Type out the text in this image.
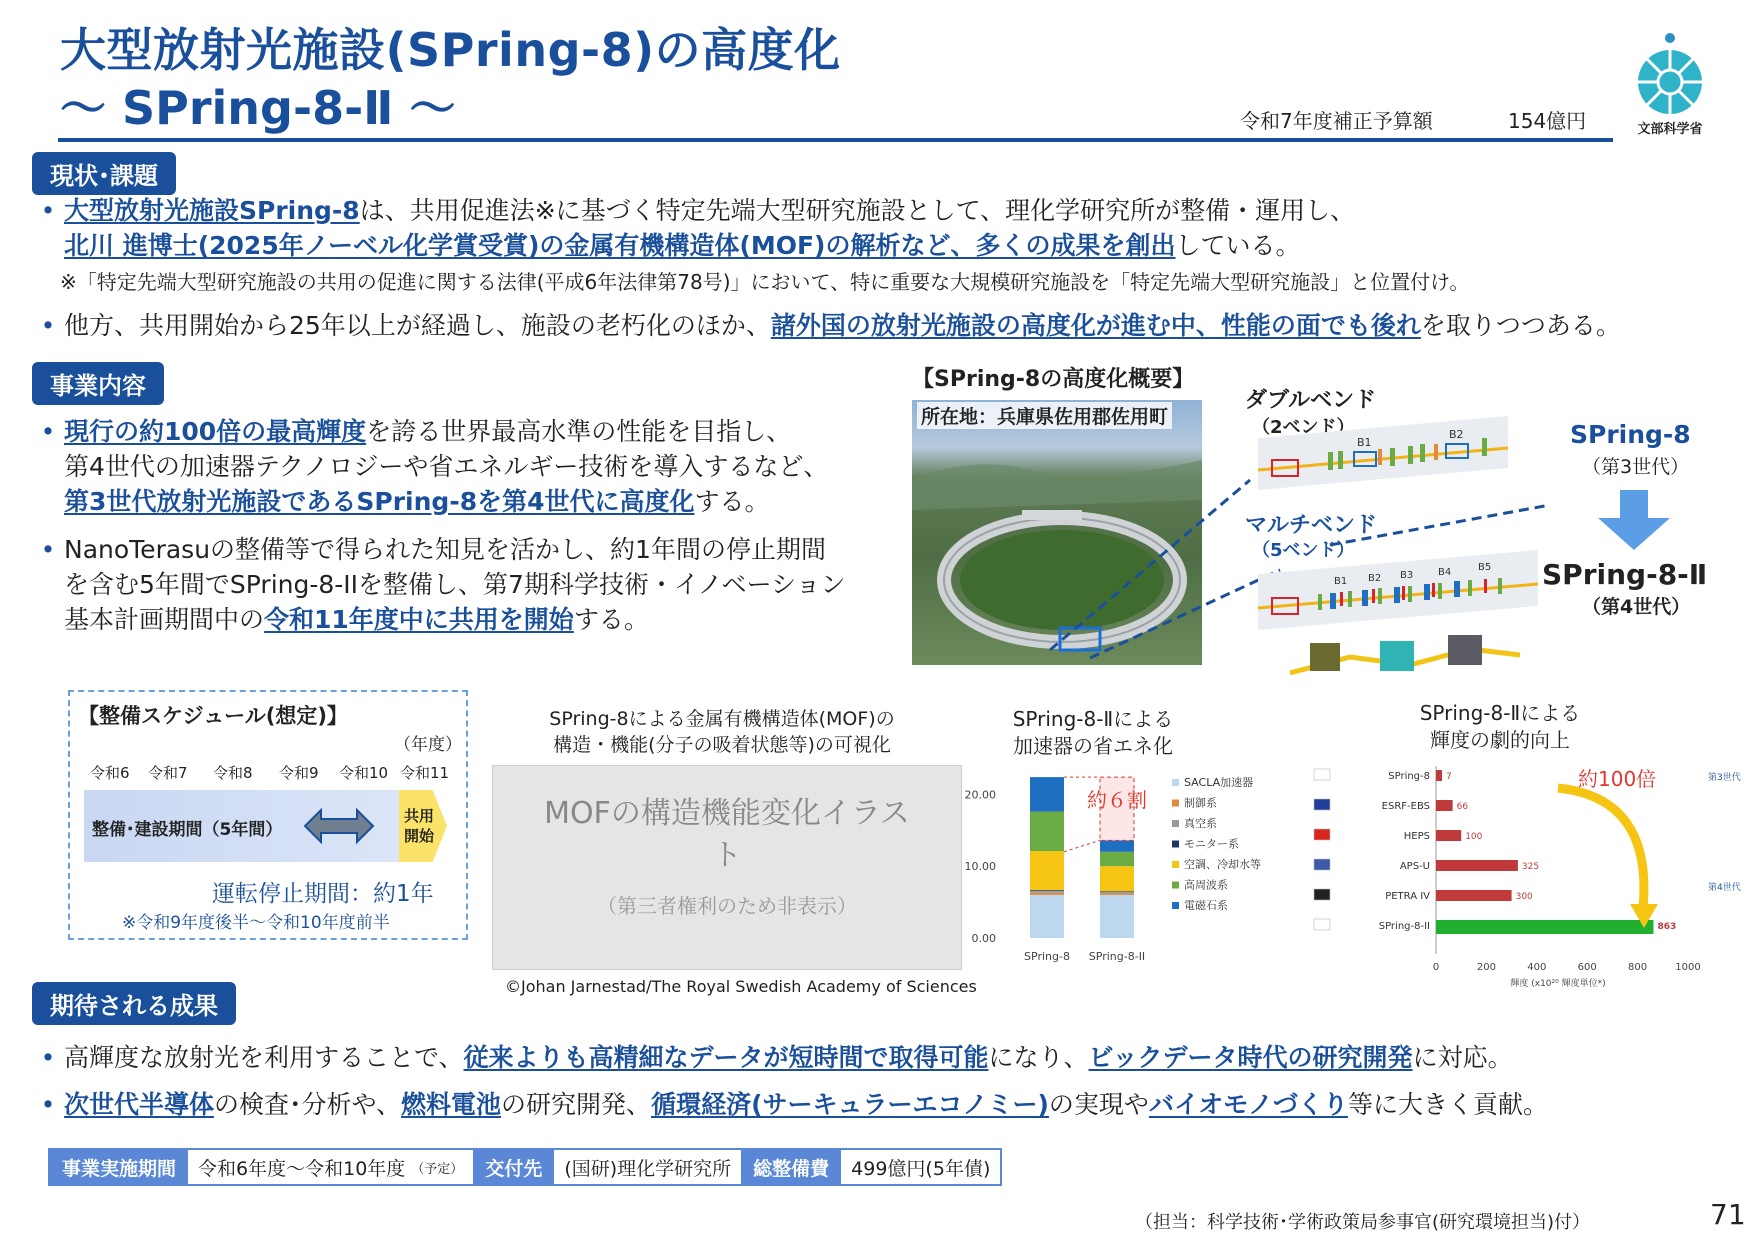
大型放射光施設(SPring-8)の高度化
～ SPring-8-Ⅱ ～	令和7年度補正予算額	154億円	文部科学省
現状･課題
• 大型放射光施設SPring-8は、共用促進法※に基づく特定先端大型研究施設として、理化学研究所が整備・運用し、
北川 進博士(2025年ノーベル化学賞受賞)の金属有機構造体(MOF)の解析など、多くの成果を創出している。
※「特定先端大型研究施設の共用の促進に関する法律(平成6年法律第78号)」において、特に重要な大規模研究施設を「特定先端大型研究施設」と位置付け。
• 他方、共用開始から25年以上が経過し、施設の老朽化のほか、諸外国の放射光施設の高度化が進む中、性能の面でも後れを取りつつある。
事業内容
• 現行の約100倍の最高輝度を誇る世界最高水準の性能を目指し、
第4世代の加速器テクノロジーや省エネルギー技術を導入するなど、
第3世代放射光施設であるSPring-8を第4世代に高度化する。
• NanoTerasuの整備等で得られた知見を活かし、約1年間の停止期間
を含む5年間でSPring-8-IIを整備し、第7期科学技術・イノベーション
基本計画期間中の令和11年度中に共用を開始する。
【整備スケジュール(想定)】
（年度）
令和6 令和7 令和8 令和9 令和10 令和11
整備･建設期間（5年間）
共用開始
運転停止期間：約1年
※令和9年度後半～令和10年度前半
SPring-8による金属有機構造体(MOF)の
構造・機能(分子の吸着状態等)の可視化
MOFの構造機能変化イラスト
（第三者権利のため非表示）
©Johan Jarnestad/The Royal Swedish Academy of Sciences
【SPring-8の高度化概要】
所在地：兵庫県佐用郡佐用町
ダブルベンド
（2ベンド）
B1
B2
マルチベンド
（5ベンド）
B1 B2 B3 B4	B5
SPring-8
（第3世代）
SPring-8-Ⅱ
（第4世代）
SPring-8-Ⅱによる
加速器の省エネ化
0.00
10.00
20.00
SPring-8 SPring-8-II
約６割
SACLA加速器
制御系
真空系
モニター系
空調、冷却水等
高周波系
電磁石系
SPring-8-Ⅱによる
輝度の劇的向上
SPring-8 7
ESRF-EBS	66
HEPS	100
APS-U	325
PETRA IV	300
SPring-8-II	863
0	200	400	600	800	1000
輝度 (x10²⁰ 輝度単位*)
第3世代
第4世代
約100倍
期待される成果
• 高輝度な放射光を利用することで、従来よりも高精細なデータが短時間で取得可能になり、ビックデータ時代の研究開発に対応。
• 次世代半導体の検査･分析や、燃料電池の研究開発、循環経済(サーキュラーエコノミー)の実現やバイオモノづくり等に大きく貢献。
事業実施期間	令和6年度～令和10年度 （予定）	交付先	(国研)理化学研究所	総整備費	499億円(5年債)
（担当：科学技術･学術政策局参事官(研究環境担当)付）	71
